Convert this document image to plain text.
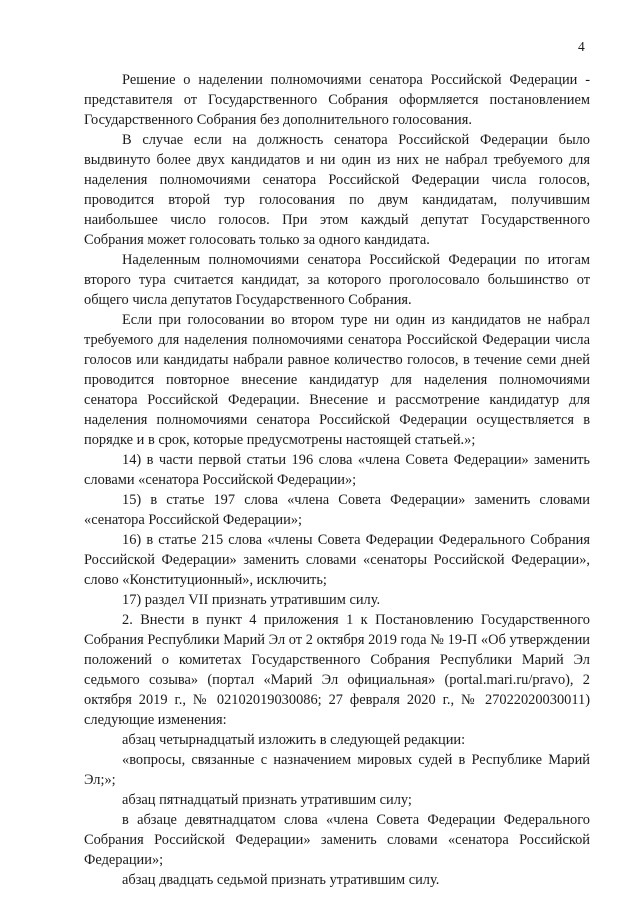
4

Решение о наделении полномочиями сенатора Российской Федерации - представителя от Государственного Собрания оформляется постановлением Государственного Собрания без дополнительного голосования.

В случае если на должность сенатора Российской Федерации было выдвинуто более двух кандидатов и ни один из них не набрал требуемого для наделения полномочиями сенатора Российской Федерации числа голосов, проводится второй тур голосования по двум кандидатам, получившим наибольшее число голосов. При этом каждый депутат Государственного Собрания может голосовать только за одного кандидата.

Наделенным полномочиями сенатора Российской Федерации по итогам второго тура считается кандидат, за которого проголосовало большинство от общего числа депутатов Государственного Собрания.

Если при голосовании во втором туре ни один из кандидатов не набрал требуемого для наделения полномочиями сенатора Российской Федерации числа голосов или кандидаты набрали равное количество голосов, в течение семи дней проводится повторное внесение кандидатур для наделения полномочиями сенатора Российской Федерации. Внесение и рассмотрение кандидатур для наделения полномочиями сенатора Российской Федерации осуществляется в порядке и в срок, которые предусмотрены настоящей статьей.»;

14) в части первой статьи 196 слова «члена Совета Федерации» заменить словами «сенатора Российской Федерации»;

15) в статье 197 слова «члена Совета Федерации» заменить словами «сенатора Российской Федерации»;

16) в статье 215 слова «члены Совета Федерации Федерального Собрания Российской Федерации» заменить словами «сенаторы Российской Федерации», слово «Конституционный», исключить;

17) раздел VII признать утратившим силу.

2. Внести в пункт 4 приложения 1 к Постановлению Государственного Собрания Республики Марий Эл от 2 октября 2019 года № 19-П «Об утверждении положений о комитетах Государственного Собрания Республики Марий Эл седьмого созыва» (портал «Марий Эл официальная» (portal.mari.ru/pravo), 2 октября 2019 г., № 02102019030086; 27 февраля 2020 г., № 27022020030011) следующие изменения:

абзац четырнадцатый изложить в следующей редакции:

«вопросы, связанные с назначением мировых судей в Республике Марий Эл;»;

абзац пятнадцатый признать утратившим силу;

в абзаце девятнадцатом слова «члена Совета Федерации Федерального Собрания Российской Федерации» заменить словами «сенатора Российской Федерации»;

абзац двадцать седьмой признать утратившим силу.
